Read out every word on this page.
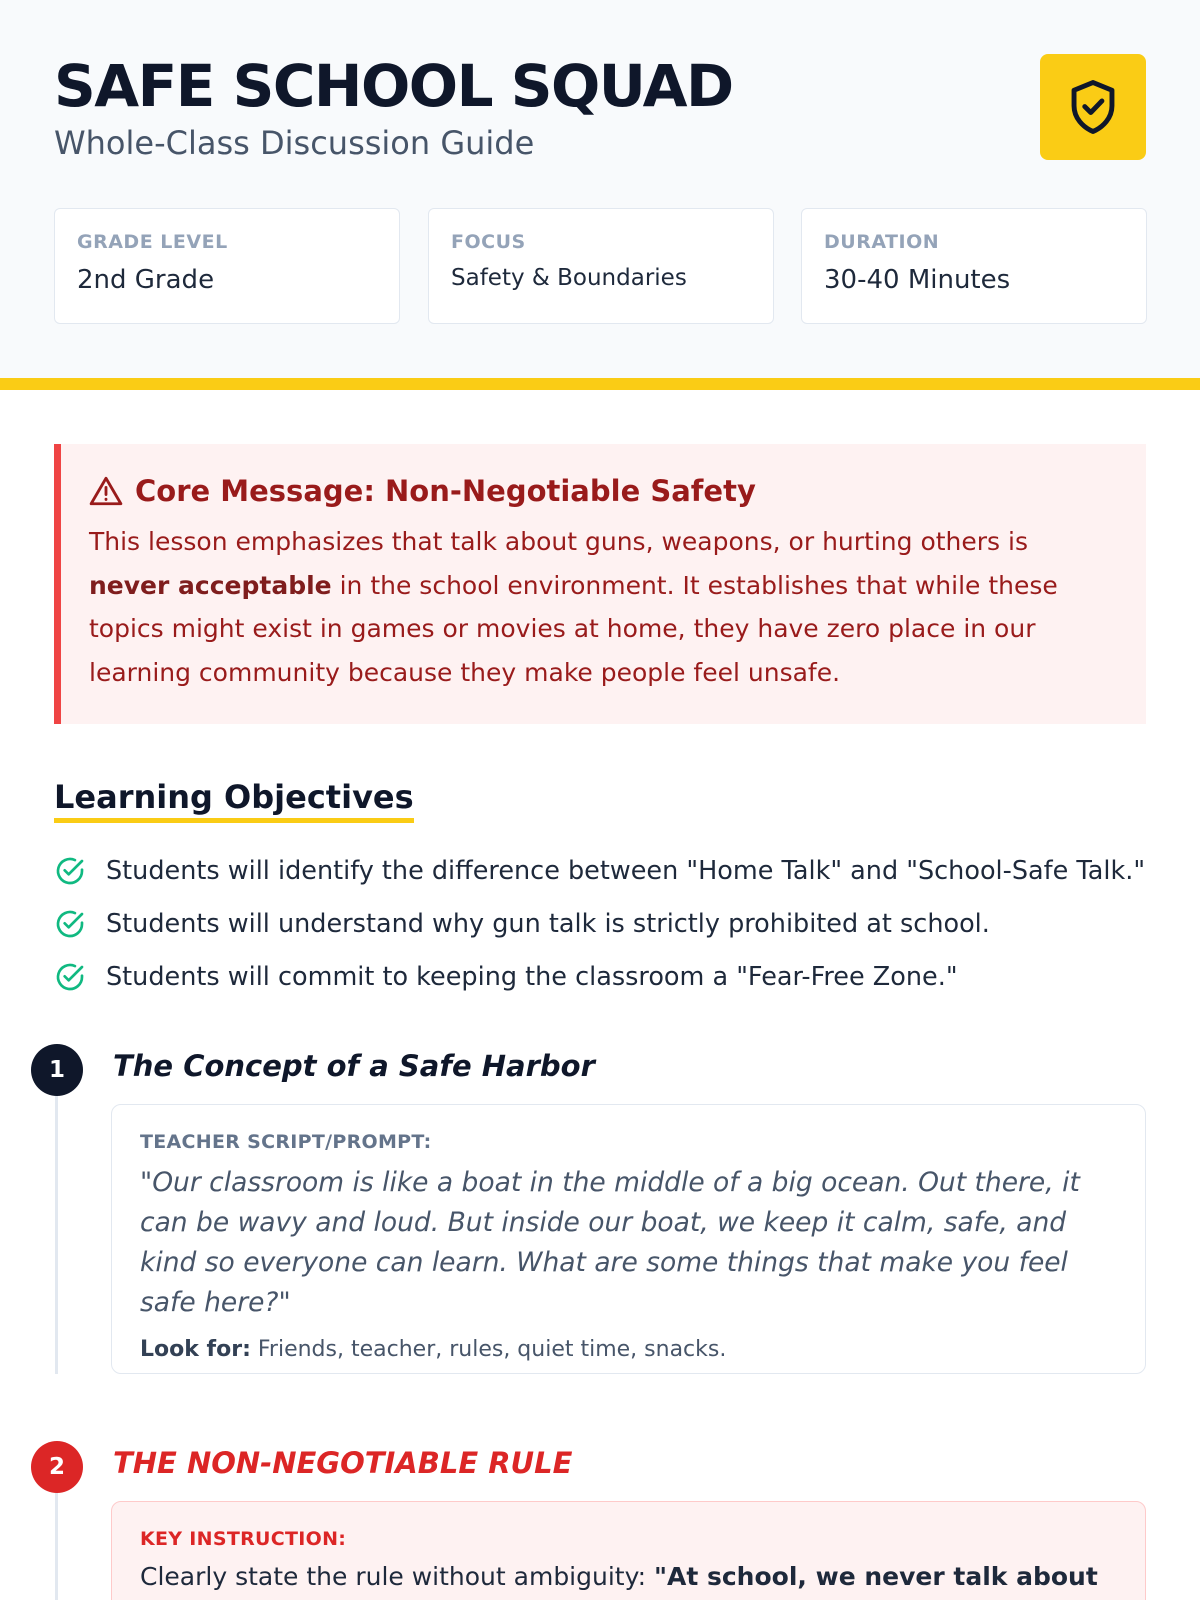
SAFE SCHOOL SQUAD
Whole-Class Discussion Guide
GRADE LEVEL
2nd Grade
FOCUS
Safety & Boundaries
DURATION
30-40 Minutes
Core Message: Non-Negotiable Safety

This lesson emphasizes that talk about guns, weapons, or hurting others is never acceptable in the school environment. It establishes that while these topics might exist in games or movies at home, they have zero place in our learning community because they make people feel unsafe.

Learning Objectives
Students will identify the difference between "Home Talk" and "School-Safe Talk."
Students will understand why gun talk is strictly prohibited at school.
Students will commit to keeping the classroom a "Fear-Free Zone."
1	The Concept of a Safe Harbor
TEACHER SCRIPT/PROMPT:

"Our classroom is like a boat in the middle of a big ocean. Out there, it can be wavy and loud. But inside our boat, we keep it calm, safe, and kind so everyone can learn. What are some things that make you feel safe here?"

Look for: Friends, teacher, rules, quiet time, snacks.

2	THE NON-NEGOTIABLE RULE
KEY INSTRUCTION:

Clearly state the rule without ambiguity: "At school, we never talk about
